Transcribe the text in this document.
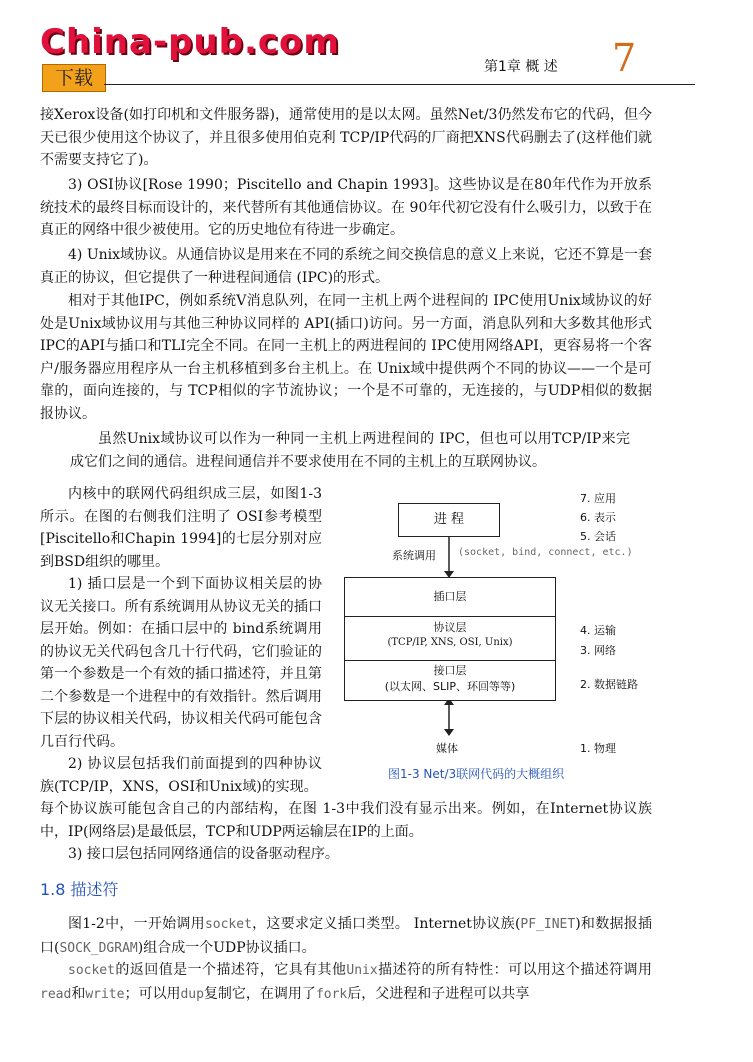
China-pub.com
下载	第1章 概 述 7
接Xerox设备(如打印机和文件服务器)，通常使用的是以太网。虽然Net/3仍然发布它的代码，但今天已很少使用这个协议了，并且很多使用伯克利 TCP/IP代码的厂商把XNS代码删去了(这样他们就不需要支持它了)。
3) OSI协议[Rose 1990；Piscitello and Chapin 1993]。这些协议是在80年代作为开放系统技术的最终目标而设计的，来代替所有其他通信协议。在 90年代初它没有什么吸引力，以致于在真正的网络中很少被使用。它的历史地位有待进一步确定。
4) Unix域协议。从通信协议是用来在不同的系统之间交换信息的意义上来说，它还不算是一套真正的协议，但它提供了一种进程间通信 (IPC)的形式。
相对于其他IPC，例如系统V消息队列，在同一主机上两个进程间的 IPC使用Unix域协议的好处是Unix域协议用与其他三种协议同样的 API(插口)访问。另一方面，消息队列和大多数其他形式IPC的API与插口和TLI完全不同。在同一主机上的两进程间的 IPC使用网络API，更容易将一个客户/服务器应用程序从一台主机移植到多台主机上。在 Unix域中提供两个不同的协议——一个是可靠的，面向连接的，与 TCP相似的字节流协议；一个是不可靠的，无连接的，与UDP相似的数据报协议。
虽然Unix域协议可以作为一种同一主机上两进程间的 IPC，但也可以用TCP/IP来完成它们之间的通信。进程间通信并不要求使用在不同的主机上的互联网协议。
内核中的联网代码组织成三层，如图1-3所示。在图的右侧我们注明了 OSI参考模型[Piscitello和Chapin 1994]的七层分别对应到BSD组织的哪里。
1) 插口层是一个到下面协议相关层的协议无关接口。所有系统调用从协议无关的插口层开始。例如：在插口层中的 bind系统调用的协议无关代码包含几十行代码，它们验证的第一个参数是一个有效的插口描述符，并且第二个参数是一个进程中的有效指针。然后调用下层的协议相关代码，协议相关代码可能包含几百行代码。
2) 协议层包括我们前面提到的四种协议族(TCP/IP，XNS，OSI和Unix域)的实现。
每个协议族可能包含自己的内部结构，在图 1-3中我们没有显示出来。例如，在Internet协议族中，IP(网络层)是最低层，TCP和UDP两运输层在IP的上面。
3) 接口层包括同网络通信的设备驱动程序。
1.8 描述符
图1-2中，一开始调用socket，这要求定义插口类型。 Internet协议族(PF_INET)和数据报插口(SOCK_DGRAM)组合成一个UDP协议插口。
socket的返回值是一个描述符，它具有其他Unix描述符的所有特性：可以用这个描述符调用read和write；可以用dup复制它，在调用了fork后，父进程和子进程可以共享
进 程
系统调用 (socket, bind, connect, etc.)
插口层
协议层
(TCP/IP, XNS, OSI, Unix)
接口层
(以太网、SLIP、环回等等)
媒体
7. 应用
6. 表示
5. 会话
4. 运输
3. 网络
2. 数据链路
1. 物理
图1-3 Net/3联网代码的大概组织
